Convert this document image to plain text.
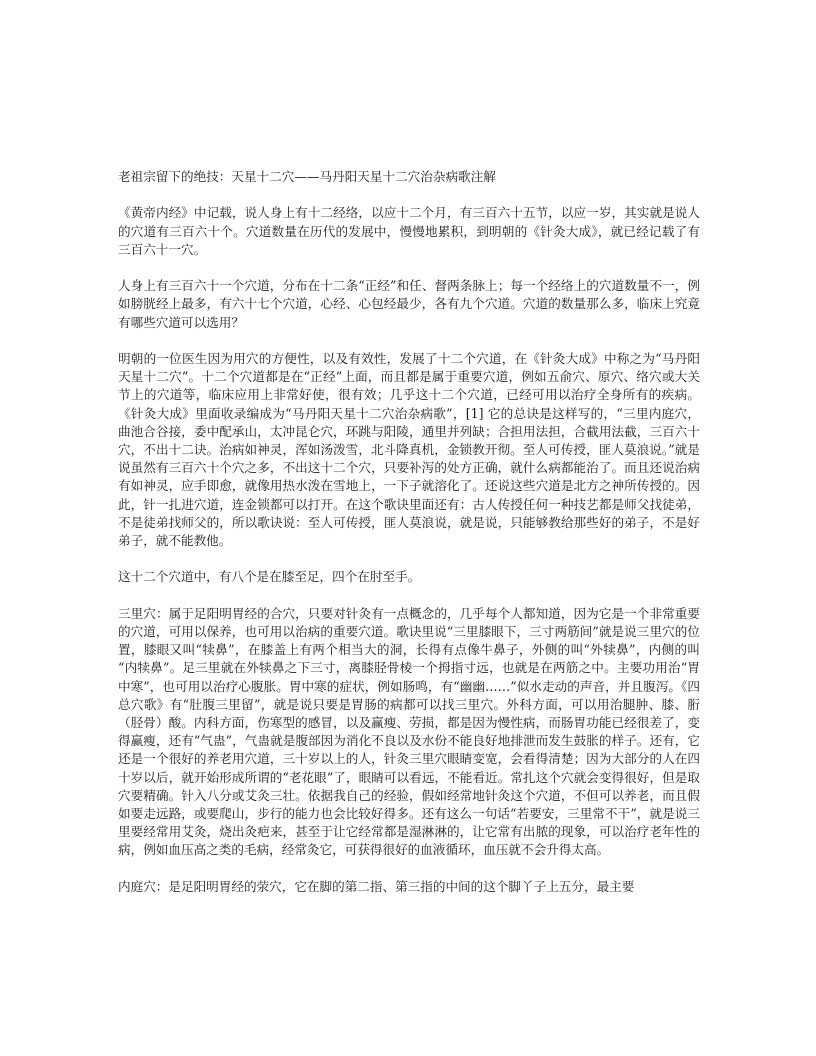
老祖宗留下的绝技：天星十二穴——马丹阳天星十二穴治杂病歌注解

《黄帝内经》中记载，说人身上有十二经络，以应十二个月，有三百六十五节，以应一岁，其实就是说人的穴道有三百六十个。穴道数量在历代的发展中，慢慢地累积，到明朝的《针灸大成》，就已经记载了有三百六十一穴。

人身上有三百六十一个穴道，分布在十二条“正经”和任、督两条脉上；每一个经络上的穴道数量不一，例如膀胱经上最多，有六十七个穴道，心经、心包经最少，各有九个穴道。穴道的数量那么多，临床上究竟有哪些穴道可以选用？

明朝的一位医生因为用穴的方便性，以及有效性，发展了十二个穴道，在《针灸大成》中称之为“马丹阳天星十二穴”。十二个穴道都是在“正经”上面，而且都是属于重要穴道，例如五俞穴、原穴、络穴或大关节上的穴道等，临床应用上非常好使，很有效；几乎这十二个穴道，已经可用以治疗全身所有的疾病。《针灸大成》里面收录编成为“马丹阳天星十二穴治杂病歌”，[1] 它的总诀是这样写的，“三里内庭穴，曲池合谷接，委中配承山，太冲昆仑穴，环跳与阳陵，通里并列缺；合担用法担，合截用法截，三百六十穴，不出十二诀。治病如神灵，浑如汤泼雪，北斗降真机，金锁教开彻。至人可传授，匪人莫浪说。”就是说虽然有三百六十个穴之多，不出这十二个穴，只要补泻的处方正确，就什么病都能治了。而且还说治病有如神灵，应手即愈，就像用热水泼在雪地上，一下子就溶化了。还说这些穴道是北方之神所传授的。因此，针一扎进穴道，连金锁都可以打开。在这个歌诀里面还有：古人传授任何一种技艺都是师父找徒弟，不是徒弟找师父的，所以歌诀说：至人可传授，匪人莫浪说，就是说，只能够教给那些好的弟子，不是好弟子，就不能教他。

这十二个穴道中，有八个是在膝至足，四个在肘至手。

三里穴：属于足阳明胃经的合穴，只要对针灸有一点概念的，几乎每个人都知道，因为它是一个非常重要的穴道，可用以保养，也可用以治病的重要穴道。歌诀里说“三里膝眼下，三寸两筋间”就是说三里穴的位置，膝眼又叫“犊鼻”，在膝盖上有两个相当大的洞，长得有点像牛鼻子，外侧的叫“外犊鼻”，内侧的叫“内犊鼻”。足三里就在外犊鼻之下三寸，离膝胫骨棱一个拇指寸远，也就是在两筋之中。主要功用治“胃中寒”，也可用以治疗心腹胀。胃中寒的症状，例如肠鸣，有“幽幽……”似水走动的声音，并且腹泻。《四总穴歌》有“肚腹三里留”，就是说只要是胃肠的病都可以找三里穴。外科方面，可以用治腿肿、膝、胻（胫骨）酸。内科方面，伤寒型的感冒，以及赢瘦、劳损，都是因为慢性病，而肠胃功能已经很差了，变得赢瘦，还有“气蛊”，气蛊就是腹部因为消化不良以及水份不能良好地排泄而发生鼓胀的样子。还有，它还是一个很好的养老用穴道，三十岁以上的人，针灸三里穴眼睛变宽，会看得清楚；因为大部分的人在四十岁以后，就开始形成所谓的“老花眼”了，眼睛可以看远，不能看近。常扎这个穴就会变得很好，但是取穴要精确。针入八分或艾灸三壮。依据我自己的经验，假如经常地针灸这个穴道，不但可以养老，而且假如要走远路，或要爬山，步行的能力也会比较好得多。还有这么一句话“若要安，三里常不干”，就是说三里要经常用艾灸，烧出灸疤来，甚至于让它经常都是湿淋淋的，让它常有出脓的现象，可以治疗老年性的病，例如血压高之类的毛病，经常灸它，可获得很好的血液循环，血压就不会升得太高。

内庭穴：是足阳明胃经的荥穴，它在脚的第二指、第三指的中间的这个脚丫子上五分，最主要
